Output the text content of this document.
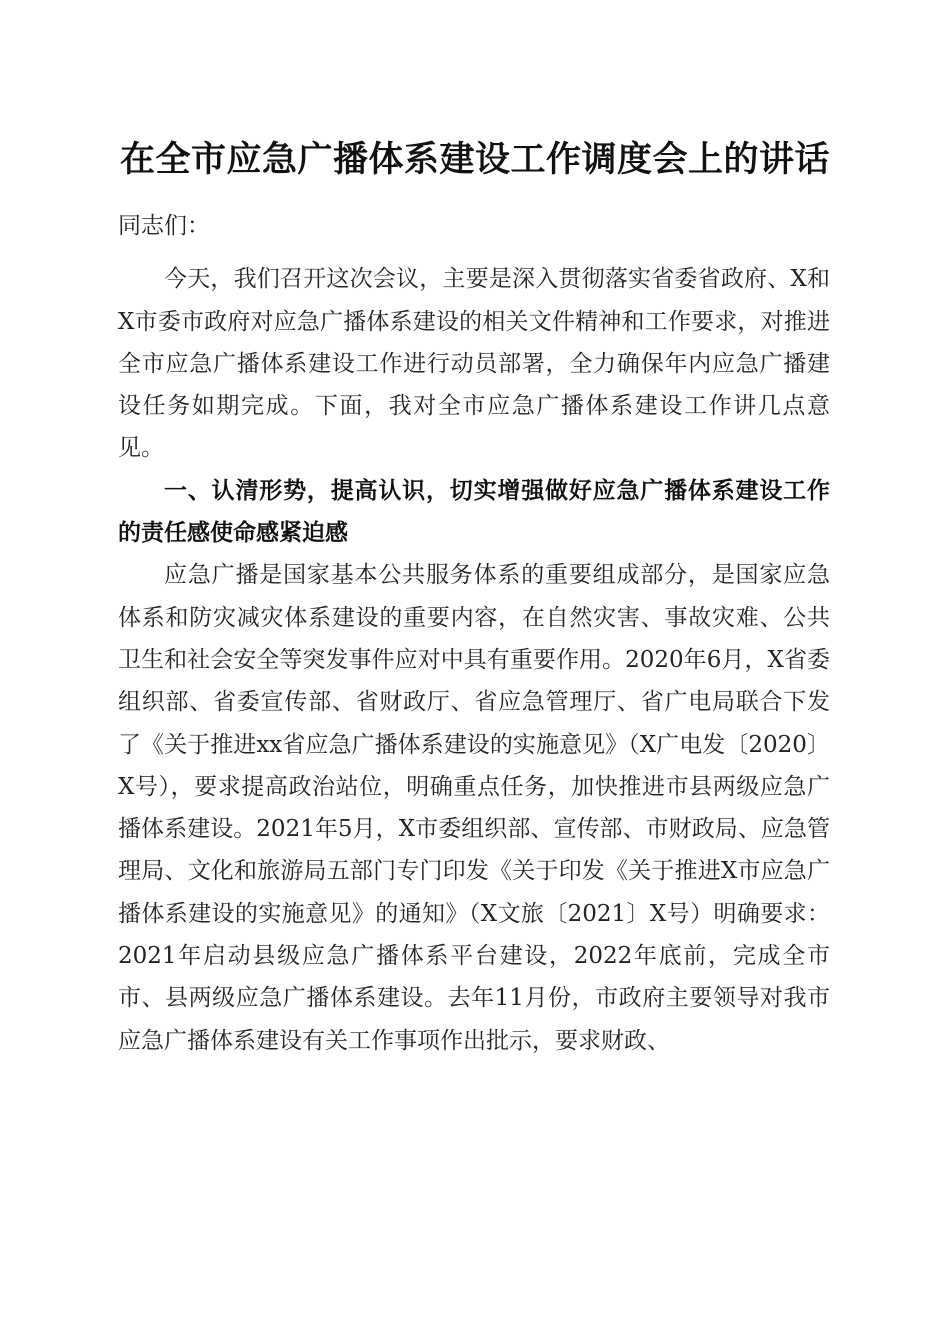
在全市应急广播体系建设工作调度会上的讲话

同志们：

今天，我们召开这次会议，主要是深入贯彻落实省委省政府、X和X市委市政府对应急广播体系建设的相关文件精神和工作要求，对推进全市应急广播体系建设工作进行动员部署，全力确保年内应急广播建设任务如期完成。下面，我对全市应急广播体系建设工作讲几点意见。

一、认清形势，提高认识，切实增强做好应急广播体系建设工作的责任感使命感紧迫感

应急广播是国家基本公共服务体系的重要组成部分，是国家应急体系和防灾减灾体系建设的重要内容，在自然灾害、事故灾难、公共卫生和社会安全等突发事件应对中具有重要作用。2020年6月，X省委组织部、省委宣传部、省财政厅、省应急管理厅、省广电局联合下发了《关于推进xx省应急广播体系建设的实施意见》（X广电发〔2020〕X号），要求提高政治站位，明确重点任务，加快推进市县两级应急广播体系建设。2021年5月，X市委组织部、宣传部、市财政局、应急管理局、文化和旅游局五部门专门印发《关于印发《关于推进X市应急广播体系建设的实施意见》的通知》（X文旅〔2021〕X号）明确要求：2021年启动县级应急广播体系平台建设，2022年底前，完成全市市、县两级应急广播体系建设。去年11月份，市政府主要领导对我市应急广播体系建设有关工作事项作出批示，要求财政、
